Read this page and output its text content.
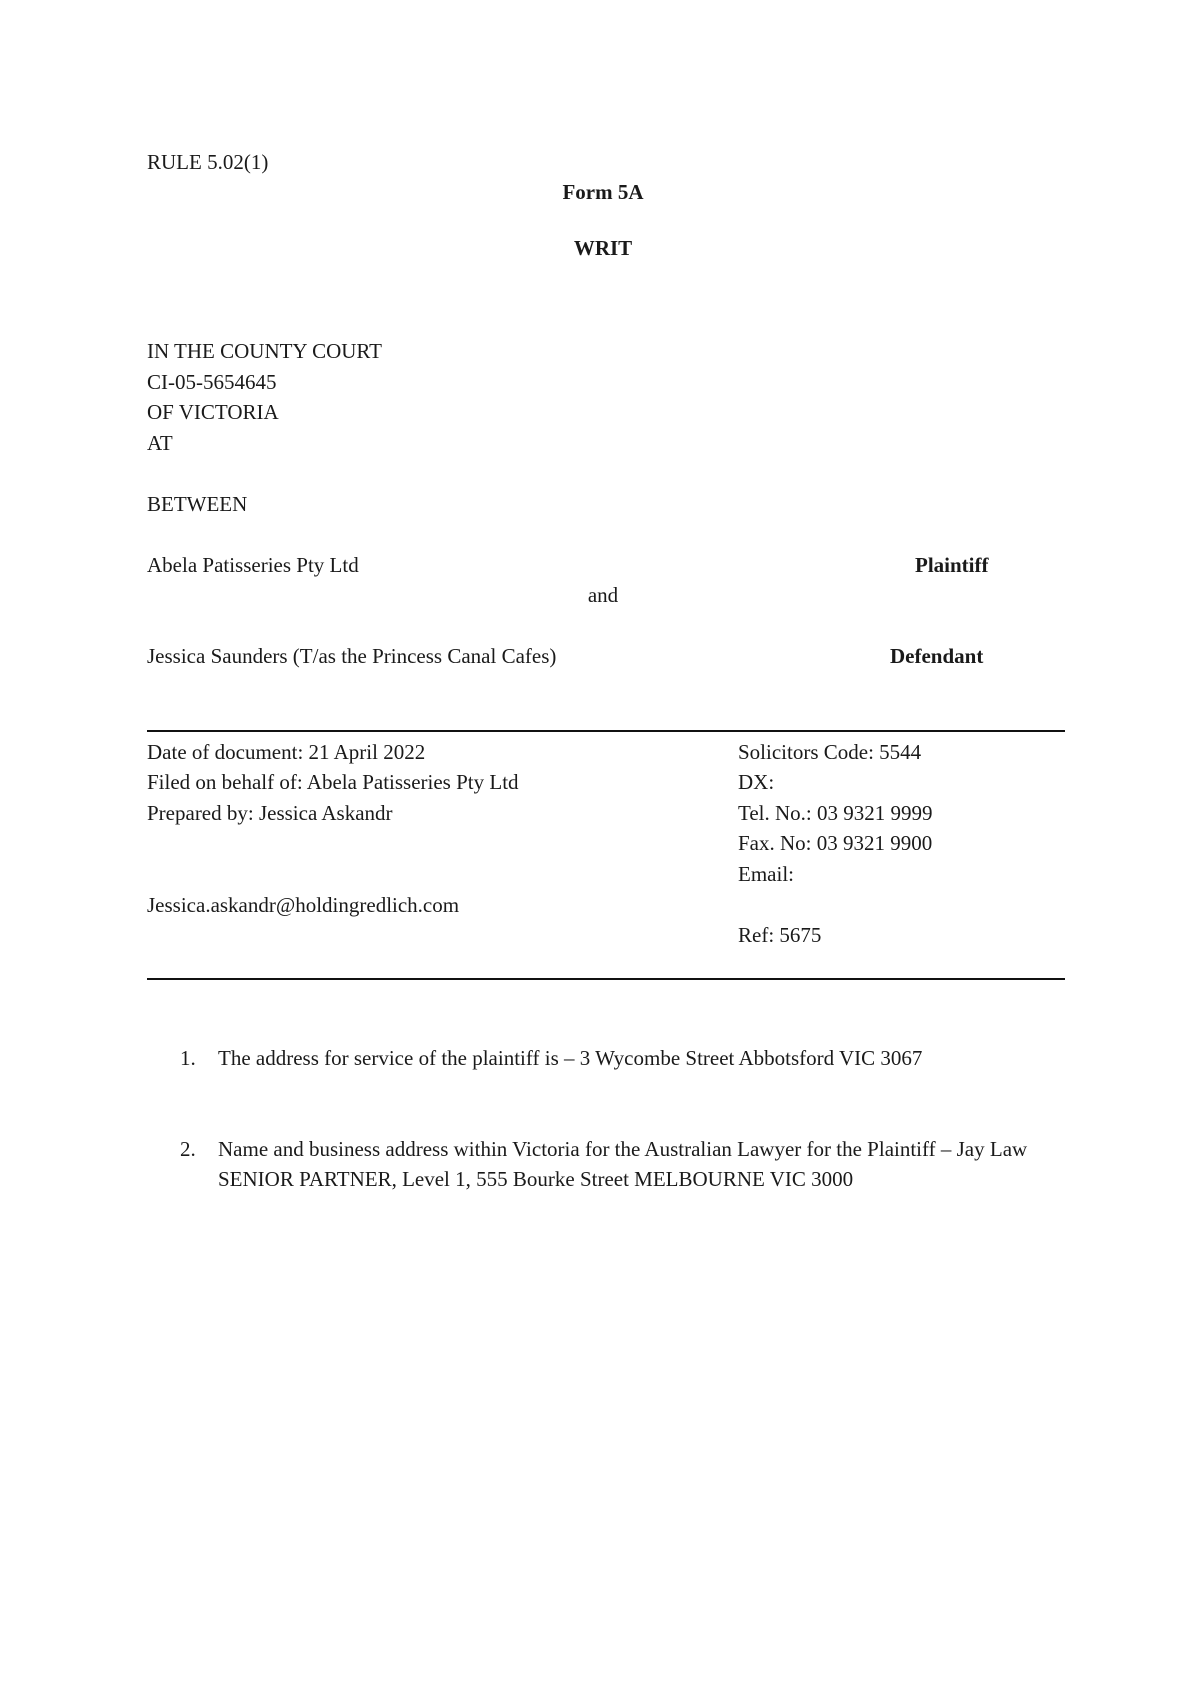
RULE 5.02(1)
Form 5A
WRIT
IN THE COUNTY COURT
CI-05-5654645
OF VICTORIA
AT
BETWEEN
Abela Patisseries Pty Ltd	Plaintiff
and
Jessica Saunders (T/as the Princess Canal Cafes)	Defendant
Date of document: 21 April 2022
Filed on behalf of: Abela Patisseries Pty Ltd
Prepared by: Jessica Askandr
Jessica.askandr@holdingredlich.com
Solicitors Code: 5544
DX:
Tel. No.: 03 9321 9999
Fax. No: 03 9321 9900
Email:
Ref: 5675
1.	The address for service of the plaintiff is – 3 Wycombe Street Abbotsford VIC 3067
2.	Name and business address within Victoria for the Australian Lawyer for the Plaintiff – Jay Law SENIOR PARTNER, Level 1, 555 Bourke Street MELBOURNE VIC 3000
